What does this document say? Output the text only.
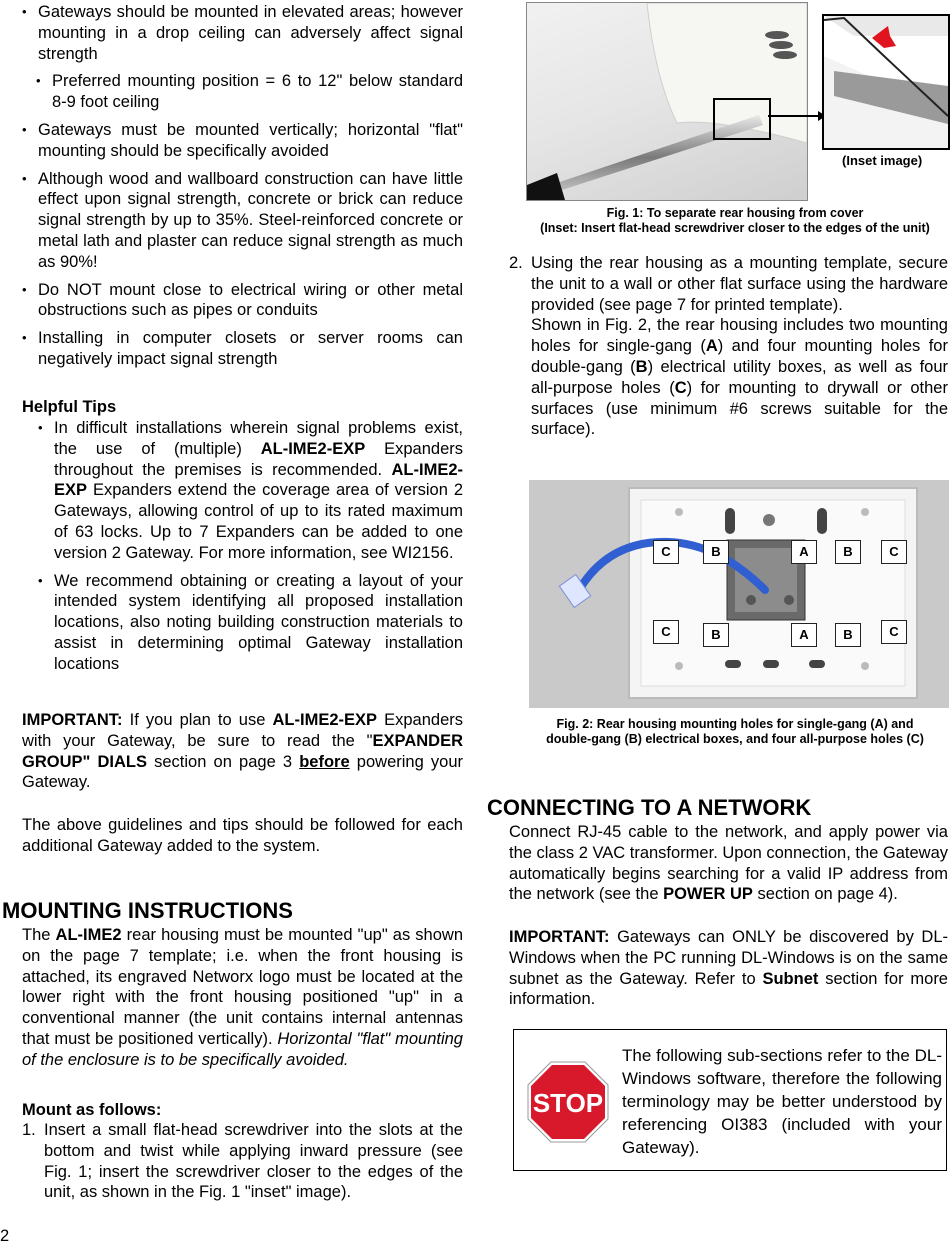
• Gateways should be mounted in elevated areas; however mounting in a drop ceiling can adversely affect signal strength
• Preferred mounting position = 6 to 12" below standard 8-9 foot ceiling
• Gateways must be mounted vertically; horizontal "flat" mounting should be specifically avoided
• Although wood and wallboard construction can have little effect upon signal strength, concrete or brick can reduce signal strength by up to 35%. Steel-reinforced concrete or metal lath and plaster can reduce signal strength as much as 90%!
• Do NOT mount close to electrical wiring or other metal obstructions such as pipes or conduits
• Installing in computer closets or server rooms can negatively impact signal strength
Helpful Tips
• In difficult installations wherein signal problems exist, the use of (multiple) AL-IME2-EXP Expanders throughout the premises is recommended. AL-IME2-EXP Expanders extend the coverage area of version 2 Gateways, allowing control of up to its rated maximum of 63 locks. Up to 7 Expanders can be added to one version 2 Gateway. For more information, see WI2156.
• We recommend obtaining or creating a layout of your intended system identifying all proposed installation locations, also noting building construction materials to assist in determining optimal Gateway installation locations
IMPORTANT: If you plan to use AL-IME2-EXP Expanders with your Gateway, be sure to read the "EXPANDER GROUP" DIALS section on page 3 before powering your Gateway.
The above guidelines and tips should be followed for each additional Gateway added to the system.
MOUNTING INSTRUCTIONS
The AL-IME2 rear housing must be mounted "up" as shown on the page 7 template; i.e. when the front housing is attached, its engraved Networx logo must be located at the lower right with the front housing positioned "up" in a conventional manner (the unit contains internal antennas that must be positioned vertically). Horizontal "flat" mounting of the enclosure is to be specifically avoided.
Mount as follows:
1. Insert a small flat-head screwdriver into the slots at the bottom and twist while applying inward pressure (see Fig. 1; insert the screwdriver closer to the edges of the unit, as shown in the Fig. 1 "inset" image).
2
(Inset image)
Fig. 1: To separate rear housing from cover
(Inset: Insert flat-head screwdriver closer to the edges of the unit)
2. Using the rear housing as a mounting template, secure the unit to a wall or other flat surface using the hardware provided (see page 7 for printed template).
Shown in Fig. 2, the rear housing includes two mounting holes for single-gang (A) and four mounting holes for double-gang (B) electrical utility boxes, as well as four all-purpose holes (C) for mounting to drywall or other surfaces (use minimum #6 screws suitable for the surface).
C	B	A	B	C
C	B	A	B	C
Fig. 2: Rear housing mounting holes for single-gang (A) and
double-gang (B) electrical boxes, and four all-purpose holes (C)
CONNECTING TO A NETWORK
Connect RJ-45 cable to the network, and apply power via the class 2 VAC transformer. Upon connection, the Gateway automatically begins searching for a valid IP address from the network (see the POWER UP section on page 4).
IMPORTANT: Gateways can ONLY be discovered by DL-Windows when the PC running DL-Windows is on the same subnet as the Gateway. Refer to Subnet section for more information.
STOP
The following sub-sections refer to the DL-Windows software, therefore the following terminology may be better understood by referencing OI383 (included with your Gateway).
